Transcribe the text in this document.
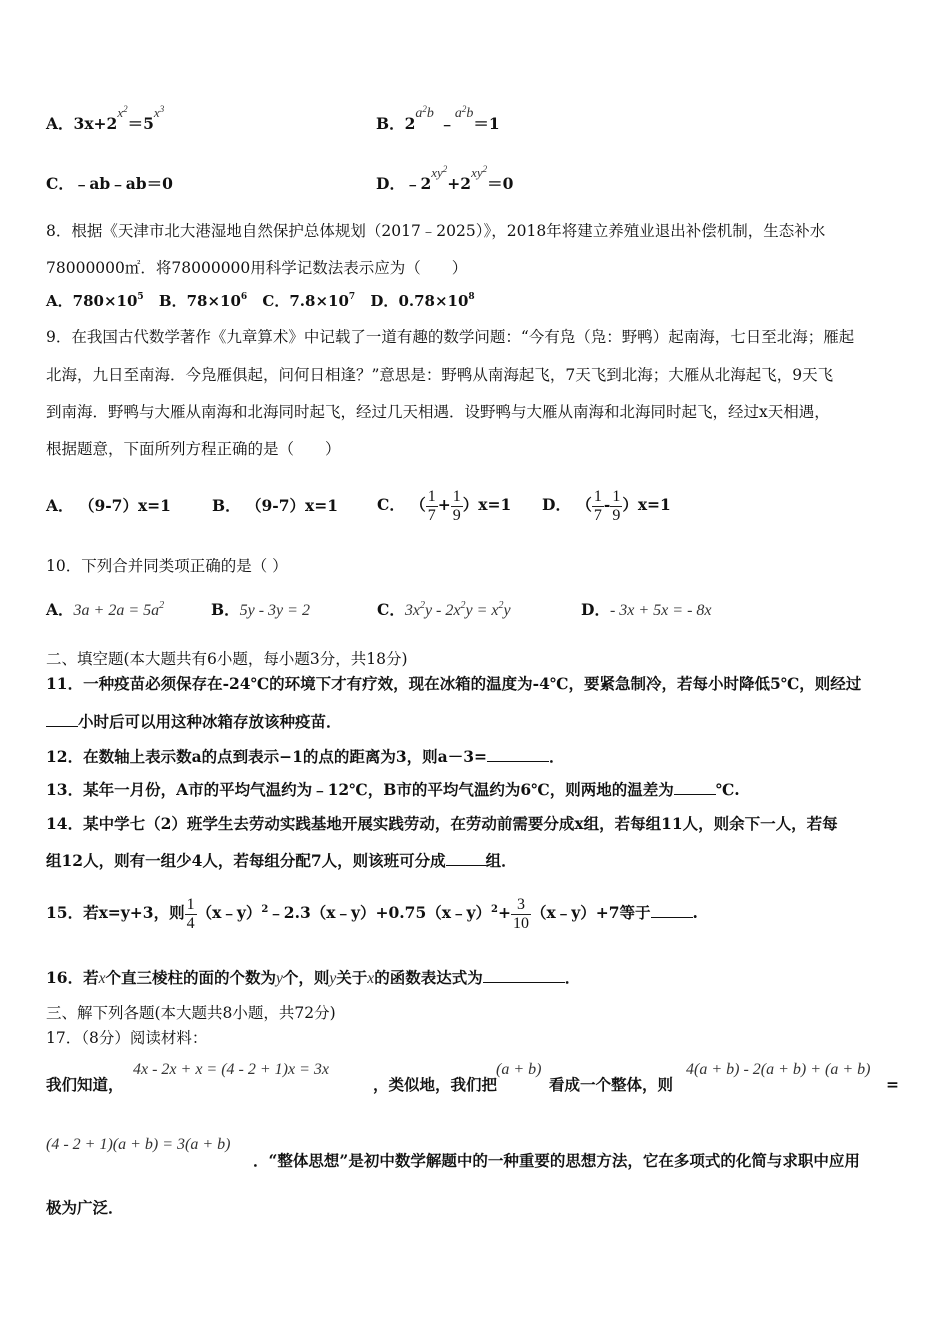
A．$3x+2^{x^2}=5^{x^3}$
B．$2a^2b$ $﹣a^2b=1$
C．﹣ab﹣ab＝0	D．$﹣2^{xy^2}+2^{xy^2}=0$
8．根据《天津市北大港湿地自然保护总体规划（2017﹣2025）》，2018年将建立养殖业退出补偿机制，生态补水
78000000㎡．将78000000用科学记数法表示应为（　　）
A．$780\times 10^5$ B．$78\times 10^6$ C．$7.8\times 10^7$ D．$0.78\times 10^8$
9．在我国古代数学著作《九章算术》中记载了一道有趣的数学问题：“今有凫（凫：野鸭）起南海，七日至北海；雁起
北海，九日至南海．今凫雁俱起，问何日相逢？”意思是：野鸭从南海起飞，7天飞到北海；大雁从北海起飞，9天飞
到南海．野鸭与大雁从南海和北海同时起飞，经过几天相遇．设野鸭与大雁从南海和北海同时起飞，经过x天相遇，
根据题意，下面所列方程正确的是（　　）
A． （9-7）x=1	B． （9-7）x=1	C． （ $\frac{1}{7} + \frac{1}{9} )x=1$ D． （ $\frac{1}{7} - \frac{1}{9} )x=1$
10．下列合并同类项正确的是（ ）
A．$3a + 2a = 5a^2$	B．5y - 3y = 2	C．$3x^2y - 2x^2y = x^2y$	D．- 3x + 5x = - 8x
二、填空题(本大题共有6小题，每小题3分，共18分)
11．一种疫苗必须保存在-24℃的环境下才有疗效，现在冰箱的温度为-4℃，要紧急制冷，若每小时降低5℃，则经过
小时后可以用这种冰箱存放该种疫苗．
12．在数轴上表示数a的点到表示−1的点的距离为3，则a－3=	．
13．某年一月份，A市的平均气温约为﹣12℃，B市的平均气温约为6℃，则两地的温差为	℃.
14．某中学七（2）班学生去劳动实践基地开展实践劳动，在劳动前需要分成x组，若每组11人，则余下一人，若每
组12人，则有一组少4人，若每组分配7人，则该班可分成	组．
15．若x=y+3，则 $\frac{1}{4}$ （x﹣y）$^2$﹣2.3（x﹣y）+0.75（x﹣y）$^2$+ $\frac{3}{10}$ （x﹣y）+7等于	.
16．若x个直三棱柱的面的个数为y个，则y关于x的函数表达式为	．
三、解下列各题(本大题共8小题，共72分)
17．（8分）阅读材料：
我们知道，
4x - 2x + x = (4 - 2 + 1)x = 3x
，类似地，我们把
(a + b)
看成一个整体，则
4(a + b) - 2(a + b) + (a + b)
=
(4 - 2 + 1)(a + b) = 3(a + b)
．“整体思想”是初中数学解题中的一种重要的思想方法，它在多项式的化简与求职中应用
极为广泛．
